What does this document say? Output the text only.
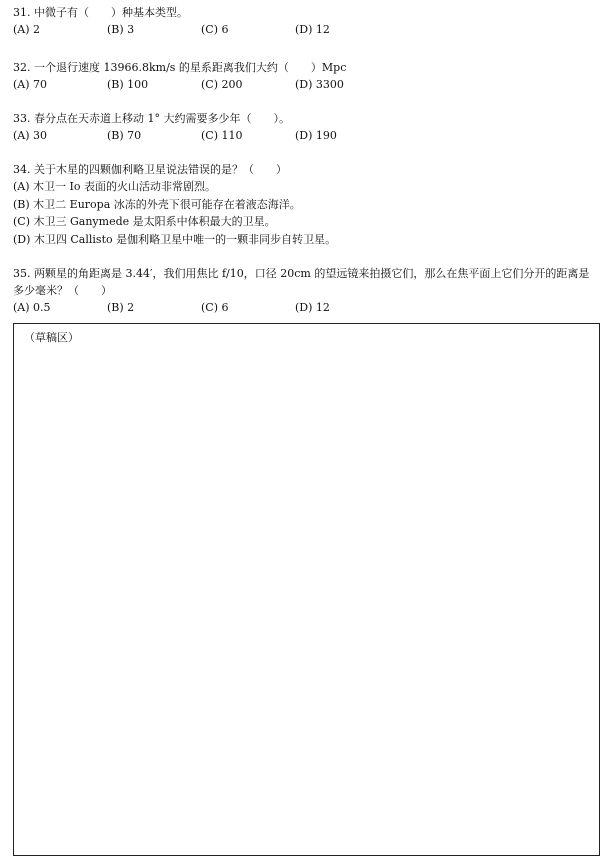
31. 中微子有（　　）种基本类型。
(A) 2	(B) 3	(C) 6	(D) 12
32. 一个退行速度 13966.8km/s 的星系距离我们大约（　　）Mpc
(A) 70	(B) 100	(C) 200	(D) 3300
33. 春分点在天赤道上移动 1° 大约需要多少年（　　）。
(A) 30	(B) 70	(C) 110	(D) 190
34. 关于木星的四颗伽利略卫星说法错误的是？（　　）
(A) 木卫一 Io 表面的火山活动非常剧烈。
(B) 木卫二 Europa 冰冻的外壳下很可能存在着液态海洋。
(C) 木卫三 Ganymede 是太阳系中体积最大的卫星。
(D) 木卫四 Callisto 是伽利略卫星中唯一的一颗非同步自转卫星。
35. 两颗星的角距离是 3.44′，我们用焦比 f/10，口径 20cm 的望远镜来拍摄它们，那么在焦平面上它们分开的距离是多少毫米？（　　）
(A) 0.5	(B) 2	(C) 6	(D) 12
（草稿区）
